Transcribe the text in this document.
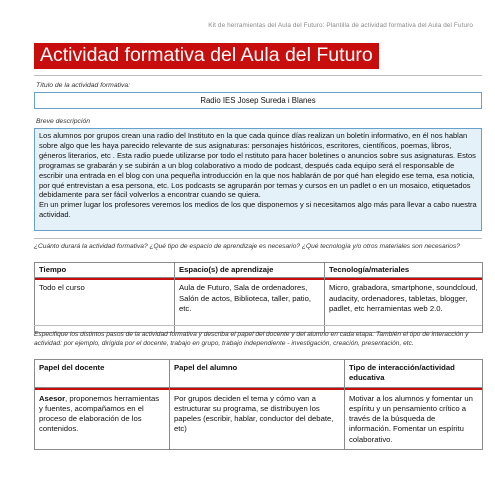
Kit de herramientas del Aula del Futuro: Plantilla de actividad formativa del Aula del Futuro
Actividad formativa del Aula del Futuro
Título de la actividad formativa:
Radio IES Josep Sureda i Blanes
Breve descripción
Los alumnos por grupos crean una radio del Instituto en la que cada quince días realizan un boletín informativo, en él nos hablan sobre algo que les haya parecido relevante de sus asignaturas: personajes históricos, escritores, científicos, poemas, libros, géneros literarios, etc . Esta radio puede utilizarse por todo el nstituto para hacer boletines o anuncios sobre sus asignaturas. Estos programas se grabarán y se subirán a un blog colaborativo a modo de podcast, después cada equipo será el responsable de escribir una entrada en el blog con una pequeña introducción en la que nos hablarán de por qué han elegido ese tema, esa noticia, por qué entrevistan a esa persona, etc. Los podcasts se agruparán por temas y cursos en un padlet o en un mosaico, etiquetados debidamente para ser fácil volverlos a encontrar cuando se quiera.
En un primer lugar los profesores veremos los medios de los que disponemos y si necesitamos algo más para llevar a cabo nuestra actividad.
¿Cuánto durará la actividad formativa? ¿Qué tipo de espacio de aprendizaje es necesario? ¿Qué tecnología y/o otros materiales son necesarios?
Tiempo	Espacio(s) de aprendizaje	Tecnología/materiales

Todo el curso	Aula de Futuro, Sala de ordenadores, Salón de actos, Biblioteca, taller, patio, etc.	Micro, grabadora, smartphone, soundcloud, audacity, ordenadores, tabletas, blogger, padlet, etc herramientas web 2.0.
Especifique los distintos pasos de la actividad formativa y describa el papel del docente y del alumno en cada etapa. También el tipo de interacción y actividad: por ejemplo, dirigida por el docente, trabajo en grupo, trabajo independiente - investigación, creación, presentación, etc.
Papel del docente	Papel del alumno	Tipo de interacción/actividad educativa

Asesor, proponemos herramientas y fuentes, acompañamos en el proceso de elaboración de los contenidos.	Por grupos deciden el tema y cómo van a estructurar su programa, se distribuyen los papeles (escribir, hablar, conductor del debate, etc)	Motivar a los alumnos y fomentar un espíritu y un pensamiento crítico a través de la búsqueda de información. Fomentar un espíritu colaborativo.
